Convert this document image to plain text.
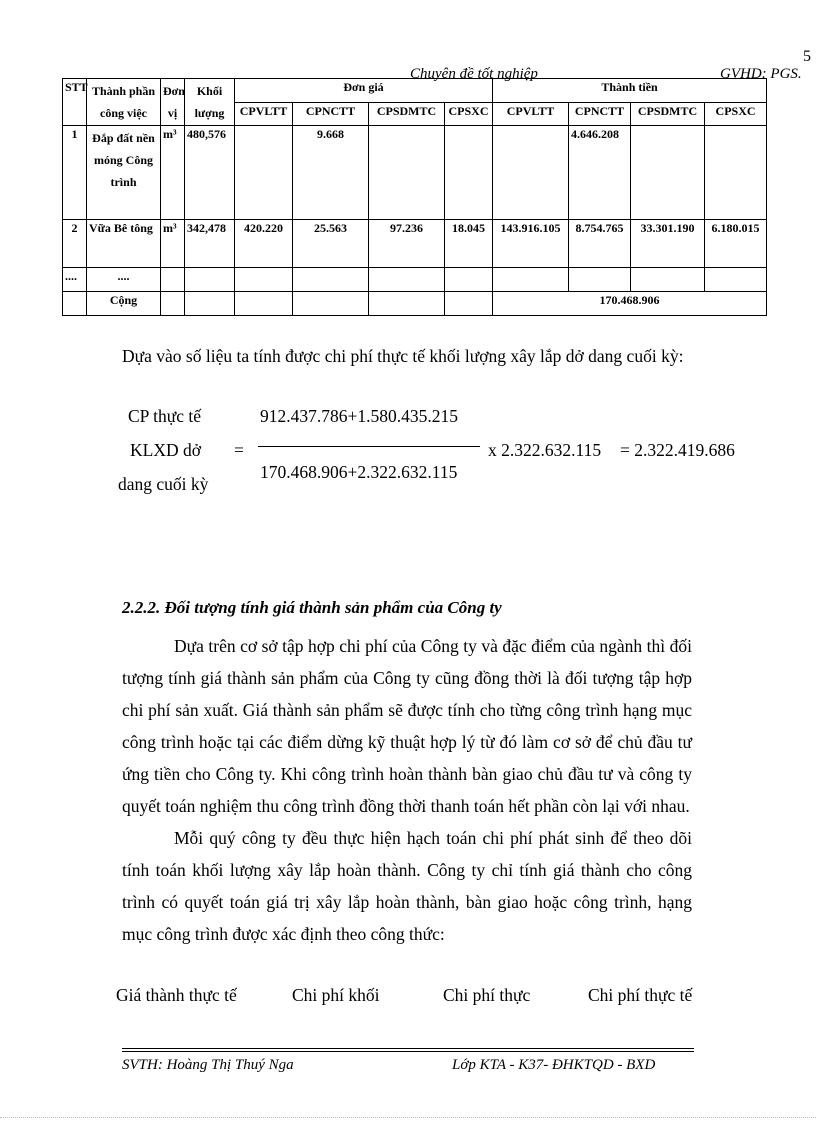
5
Chuyên đề tốt nghiệp	GVHD: PGS.
STT	Thành phần công việc	Đơn vị	Khối lượng	Đơn giá				Thành tiền			
				CPVLTT	CPNCTT	CPSDMTC	CPSXC	CPVLTT	CPNCTT	CPSDMTC	CPSXC
1	Đắp đất nền móng Công trình	m³	480,576		9.668				4.646.208		
2	Vữa Bê tông	m³	342,478	420.220	25.563	97.236	18.045	143.916.105	8.754.765	33.301.190	6.180.015
....	....										
	Cộng							170.468.906			
Dựa vào số liệu ta tính được chi phí thực tế khối lượng xây lắp dở dang cuối kỳ:
CP thực tế
KLXD dở
dang cuối kỳ
=
912.437.786+1.580.435.215
170.468.906+2.322.632.115
x 2.322.632.115 = 2.322.419.686
2.2.2. Đối tượng tính giá thành sản phẩm của Công ty

Dựa trên cơ sở tập hợp chi phí của Công ty và đặc điểm của ngành thì đối tượng tính giá thành sản phẩm của Công ty cũng đồng thời là đối tượng tập hợp chi phí sản xuất. Giá thành sản phẩm sẽ được tính cho từng công trình hạng mục công trình hoặc tại các điểm dừng kỹ thuật hợp lý từ đó làm cơ sở để chủ đầu tư ứng tiền cho Công ty. Khi công trình hoàn thành bàn giao chủ đầu tư và công ty quyết toán nghiệm thu công trình đồng thời thanh toán hết phần còn lại với nhau.

Mỗi quý công ty đều thực hiện hạch toán chi phí phát sinh để theo dõi tính toán khối lượng xây lắp hoàn thành. Công ty chỉ tính giá thành cho công trình có quyết toán giá trị xây lắp hoàn thành, bàn giao hoặc công trình, hạng mục công trình được xác định theo công thức:

Giá thành thực tế	Chi phí khối	Chi phí thực	Chi phí thực tế
SVTH: Hoàng Thị Thuý Nga	Lớp KTA - K37- ĐHKTQD - BXD
